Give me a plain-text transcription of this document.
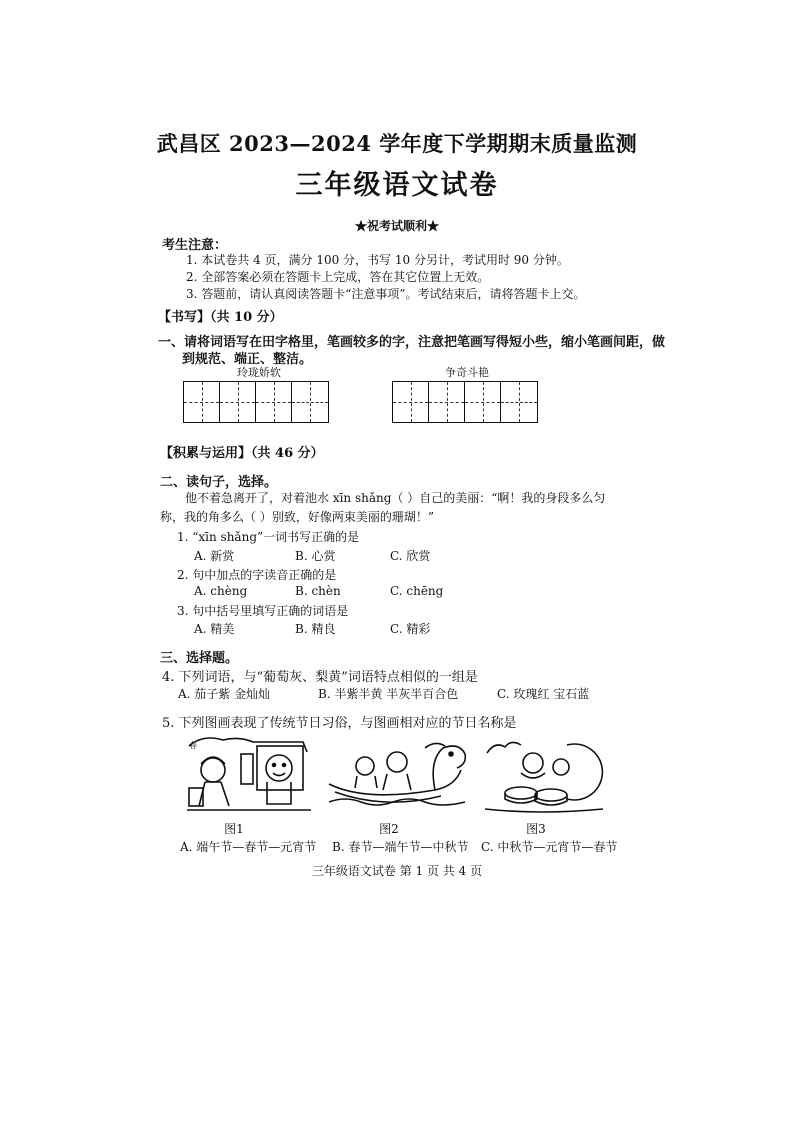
武昌区 2023—2024 学年度下学期期末质量监测
三年级语文试卷
★祝考试顺利★
考生注意：
1. 本试卷共 4 页，满分 100 分，书写 10 分另计，考试用时 90 分钟。
2. 全部答案必须在答题卡上完成，答在其它位置上无效。
3. 答题前，请认真阅读答题卡“注意事项”。考试结束后，请将答题卡上交。
【书写】（共 10 分）
一、请将词语写在田字格里，笔画较多的字，注意把笔画写得短小些，缩小笔画间距，做
到规范、端正、整洁。
玲珑娇软	争奇斗艳
【积累与运用】（共 46 分）
二、读句子，选择。
他不着急离开了，对着池水 xīn shǎng（ ）自己的美丽：“啊！我的身段多么匀
称，我的角多么（ ）别致，好像两束美丽的珊瑚！”
1. “xīn shǎng”一词书写正确的是
A. 新赏	B. 心赏	C. 欣赏
2. 句中加点的字读音正确的是
A. chèng	B. chèn	C. chēng
3. 句中括号里填写正确的词语是
A. 精美	B. 精良	C. 精彩
三、选择题。
4. 下列词语，与“葡萄灰、梨黄”词语特点相似的一组是
A. 茄子紫 金灿灿	B. 半紫半黄 半灰半百合色	C. 玫瑰红 宝石蓝
5. 下列图画表现了传统节日习俗，与图画相对应的节日名称是
春
图1	图2	图3
A. 端午节—春节—元宵节 B. 春节—端午节—中秋节 C. 中秋节—元宵节—春节
三年级语文试卷 第 1 页 共 4 页
